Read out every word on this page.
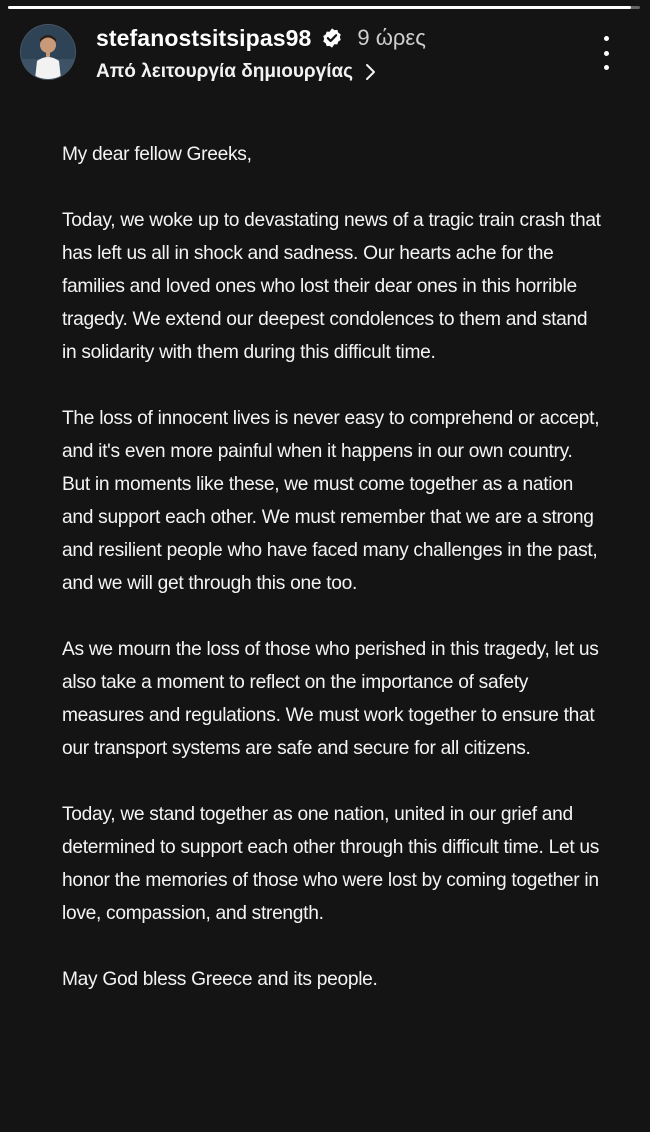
stefanostsitsipas98 9 ώρες
Από λειτουργία δημιουργίας

My dear fellow Greeks,

Today, we woke up to devastating news of a tragic train crash that has left us all in shock and sadness. Our hearts ache for the families and loved ones who lost their dear ones in this horrible tragedy. We extend our deepest condolences to them and stand in solidarity with them during this difficult time.

The loss of innocent lives is never easy to comprehend or accept, and it's even more painful when it happens in our own country. But in moments like these, we must come together as a nation and support each other. We must remember that we are a strong and resilient people who have faced many challenges in the past, and we will get through this one too.

As we mourn the loss of those who perished in this tragedy, let us also take a moment to reflect on the importance of safety measures and regulations. We must work together to ensure that our transport systems are safe and secure for all citizens.

Today, we stand together as one nation, united in our grief and determined to support each other through this difficult time. Let us honor the memories of those who were lost by coming together in love, compassion, and strength.

May God bless Greece and its people.
